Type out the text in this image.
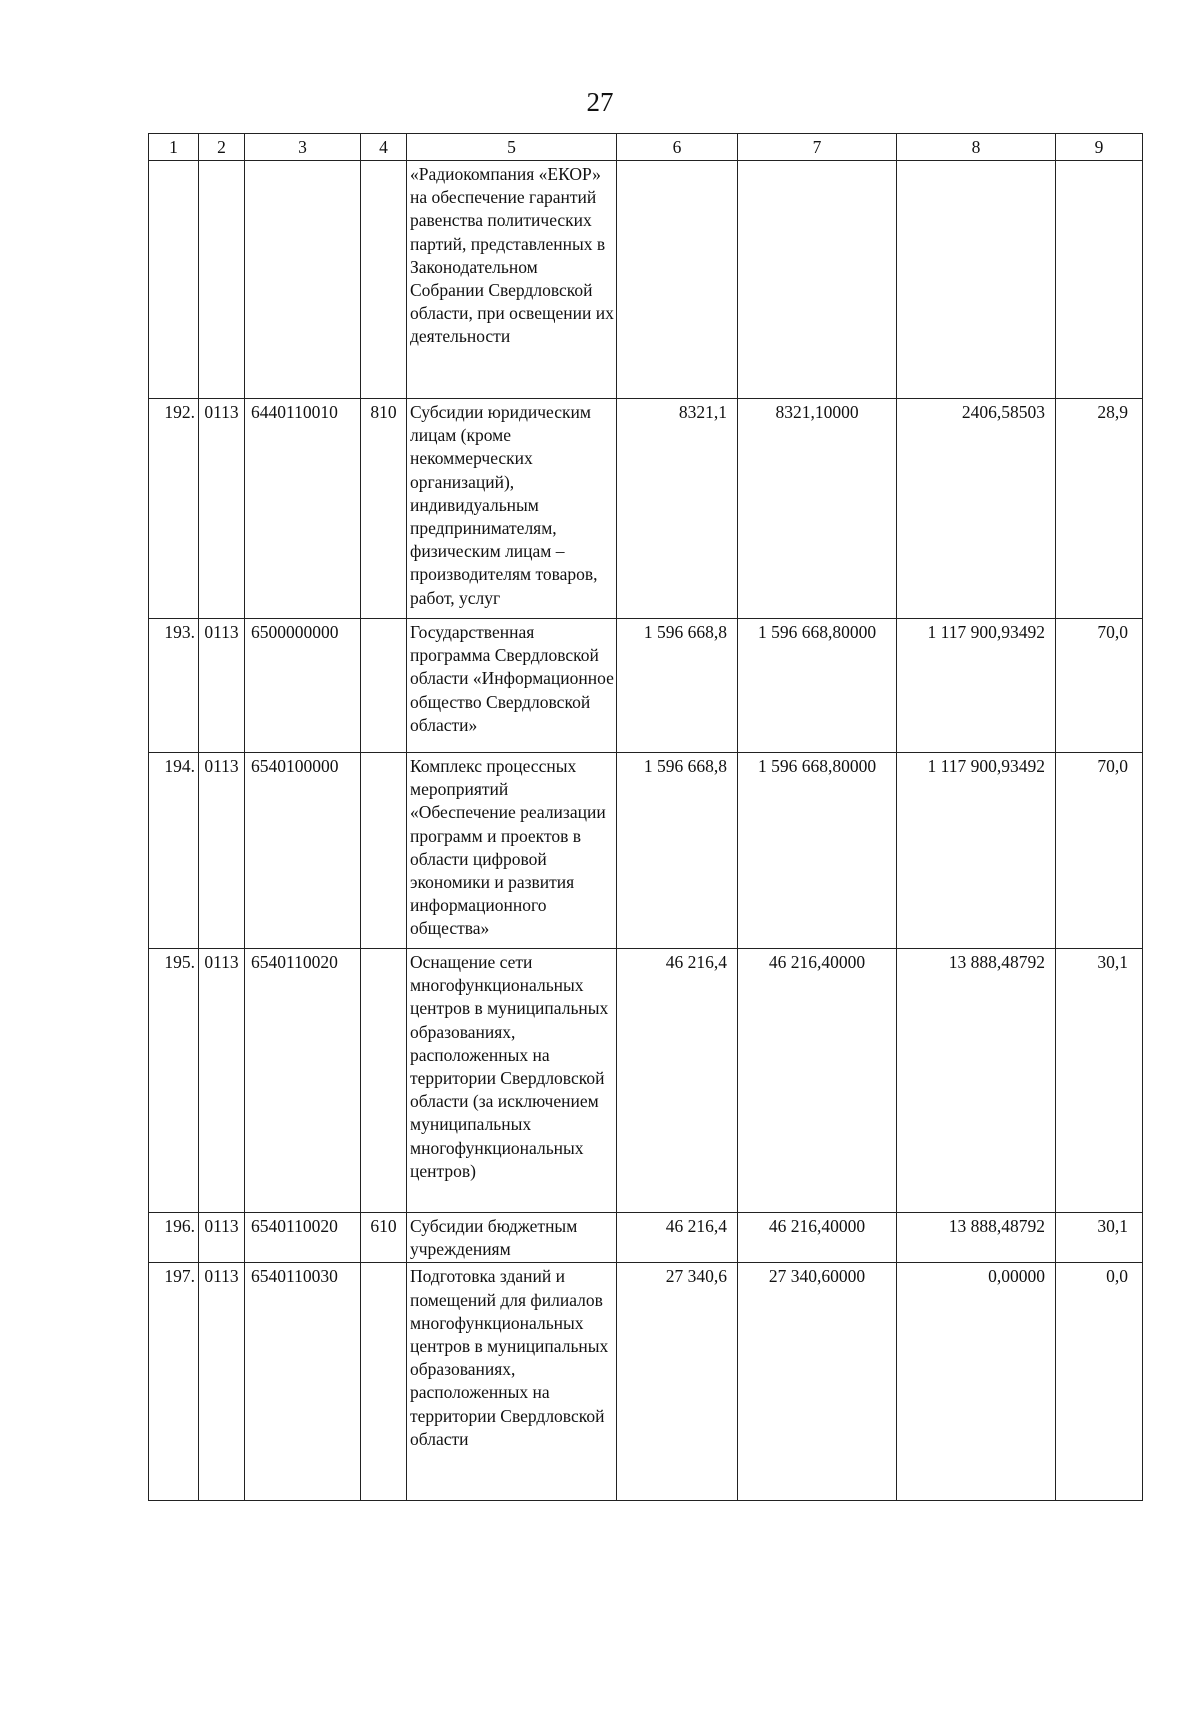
27
1	2	3	4	5	6	7	8	9
				«Радиокомпания «ЕКОР» на обеспечение гарантий равенства политических партий, представленных в Законодательном Собрании Свердловской области, при освещении их деятельности				
192.	0113	6440110010	810	Субсидии юридическим лицам (кроме некоммерческих организаций), индивидуальным предпринимателям, физическим лицам – производителям товаров, работ, услуг	8321,1	8321,10000	2406,58503	28,9
193.	0113	6500000000		Государственная программа Свердловской области «Информационное общество Свердловской области»	1 596 668,8	1 596 668,80000	1 117 900,93492	70,0
194.	0113	6540100000		Комплекс процессных мероприятий «Обеспечение реализации программ и проектов в области цифровой экономики и развития информационного общества»	1 596 668,8	1 596 668,80000	1 117 900,93492	70,0
195.	0113	6540110020		Оснащение сети многофункциональных центров в муниципальных образованиях, расположенных на территории Свердловской области (за исключением муниципальных многофункциональных центров)	46 216,4	46 216,40000	13 888,48792	30,1
196.	0113	6540110020	610	Субсидии бюджетным учреждениям	46 216,4	46 216,40000	13 888,48792	30,1
197.	0113	6540110030		Подготовка зданий и помещений для филиалов многофункциональных центров в муниципальных образованиях, расположенных на территории Свердловской области	27 340,6	27 340,60000	0,00000	0,0
